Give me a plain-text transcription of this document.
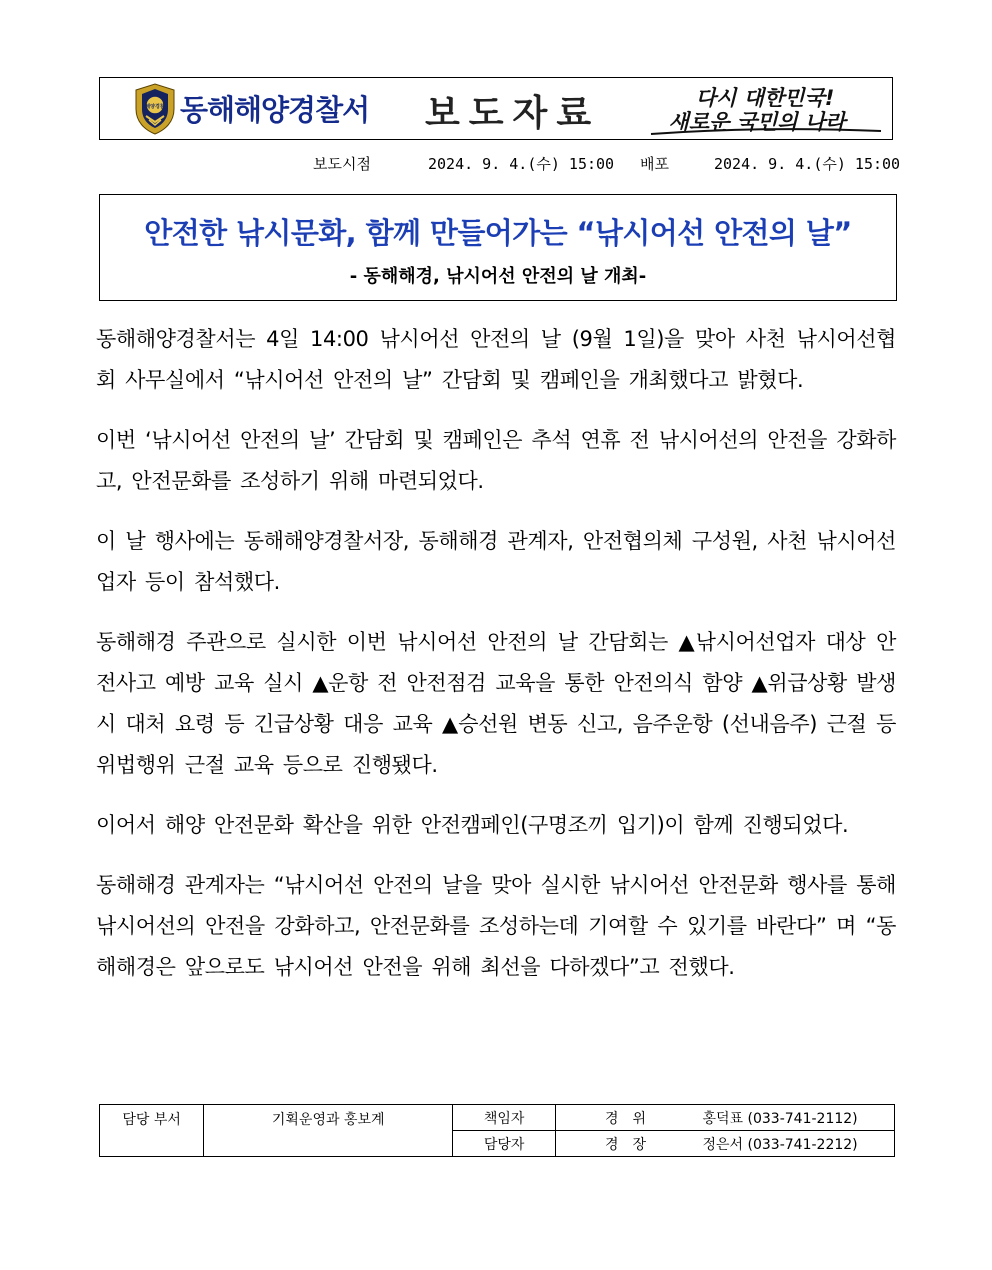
해양경찰 동해해양경찰서 보도자료	다시 대한민국!
새로운 국민의 나라
보도시점	2024. 9. 4.(수) 15:00 배포	2024. 9. 4.(수) 15:00
안전한 낚시문화, 함께 만들어가는 “낚시어선 안전의 날”
- 동해해경, 낚시어선 안전의 날 개최-

동해해양경찰서는 4일 14:00 낚시어선 안전의 날 (9월 1일)을 맞아 사천 낚시어선협회 사무실에서 “낚시어선 안전의 날” 간담회 및 캠페인을 개최했다고 밝혔다.

이번 ‘낚시어선 안전의 날’ 간담회 및 캠페인은 추석 연휴 전 낚시어선의 안전을 강화하고, 안전문화를 조성하기 위해 마련되었다.

이 날 행사에는 동해해양경찰서장, 동해해경 관계자, 안전협의체 구성원, 사천 낚시어선업자 등이 참석했다.

동해해경 주관으로 실시한 이번 낚시어선 안전의 날 간담회는 ▲낚시어선업자 대상 안전사고 예방 교육 실시 ▲운항 전 안전점검 교육을 통한 안전의식 함양 ▲위급상황 발생 시 대처 요령 등 긴급상황 대응 교육 ▲승선원 변동 신고, 음주운항 (선내음주) 근절 등 위법행위 근절 교육 등으로 진행됐다.

이어서 해양 안전문화 확산을 위한 안전캠페인(구명조끼 입기)이 함께 진행되었다.

동해해경 관계자는 “낚시어선 안전의 날을 맞아 실시한 낚시어선 안전문화 행사를 통해 낚시어선의 안전을 강화하고, 안전문화를 조성하는데 기여할 수 있기를 바란다” 며 “동해해경은 앞으로도 낚시어선 안전을 위해 최선을 다하겠다”고 전했다.

담당 부서	기획운영과 홍보계	책임자	경위 홍덕표 (033-741-2112)
		담당자	경장 정은서 (033-741-2212)
